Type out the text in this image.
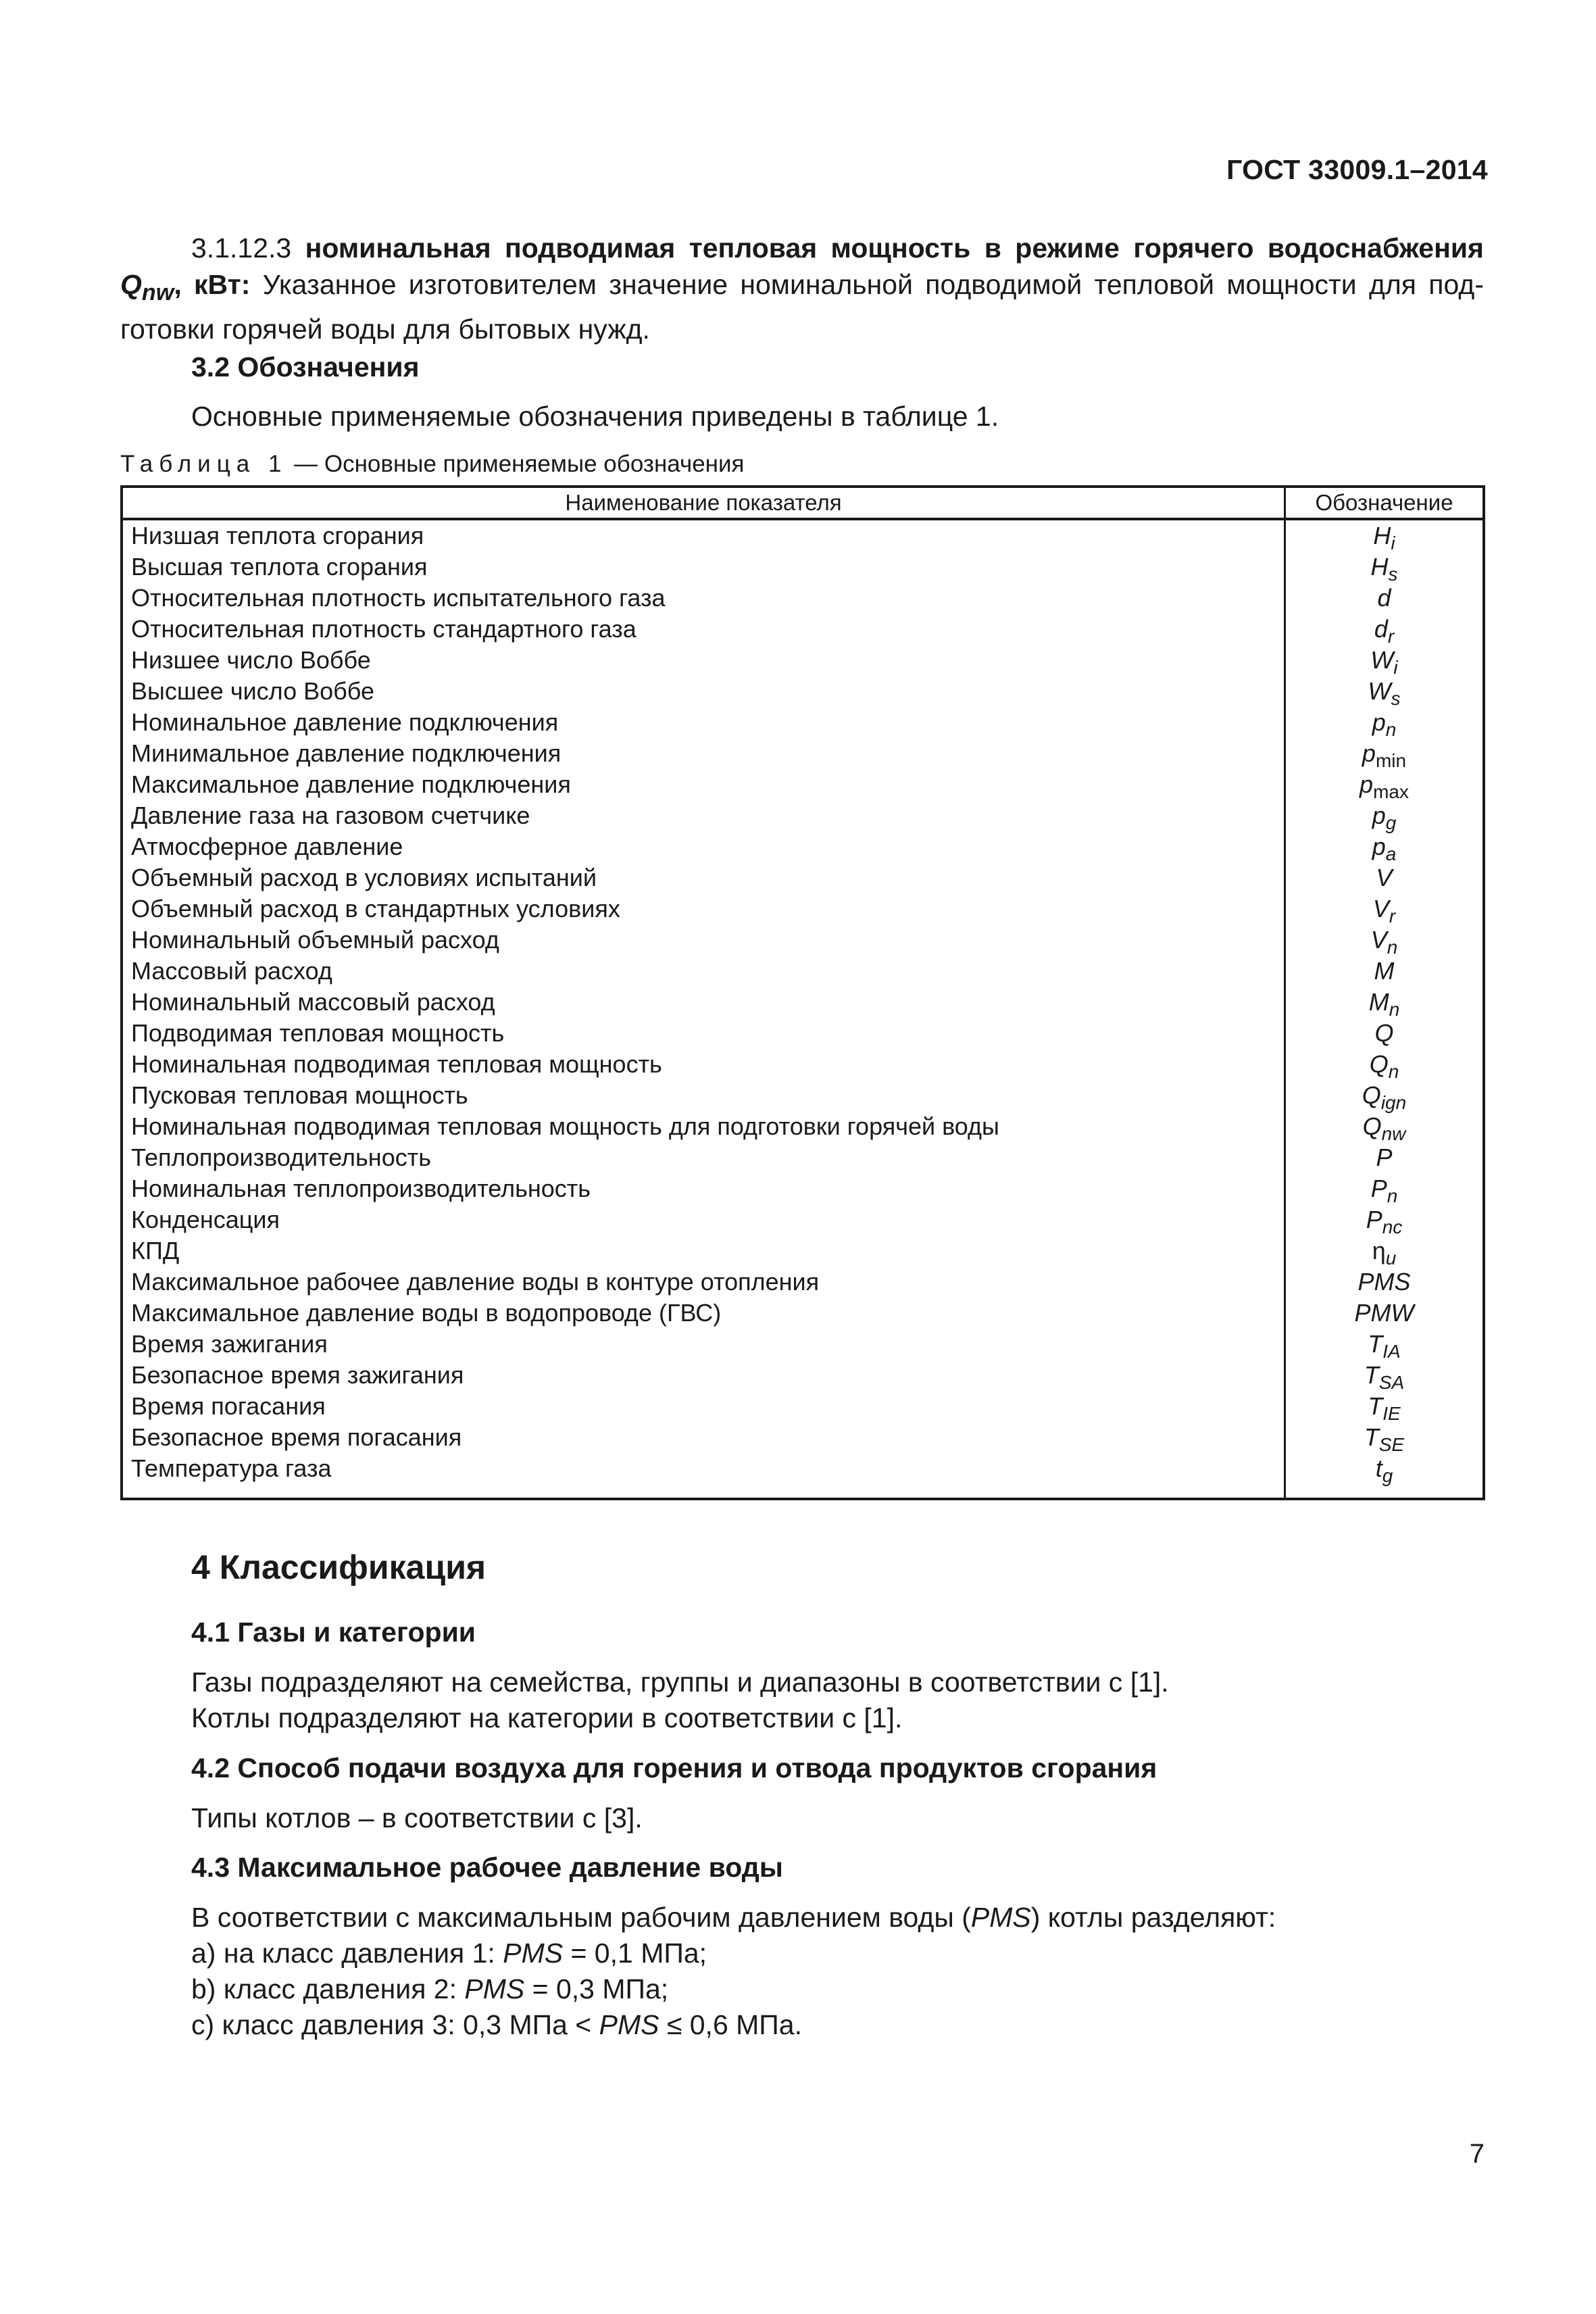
ГОСТ 33009.1–2014

3.1.12.3 номинальная подводимая тепловая мощность в режиме горячего водоснабжения $Q_{nw}$, кВт: Указанное изготовителем значение номинальной подводимой тепловой мощности для подготовки горячей воды для бытовых нужд.

3.2 Обозначения
Основные применяемые обозначения приведены в таблице 1.
Таблица 1 — Основные применяемые обозначения
Наименование показателя	Обозначение
Низшая теплота сгорания	$H_i$
Высшая теплота сгорания	$H_s$
Относительная плотность испытательного газа	d
Относительная плотность стандартного газа	$d_r$
Низшее число Воббе	$W_i$
Высшее число Воббе	$W_s$
Номинальное давление подключения	$p_n$
Минимальное давление подключения	$p_{min}$
Максимальное давление подключения	$p_{max}$
Давление газа на газовом счетчике	$p_g$
Атмосферное давление	$p_a$
Объемный расход в условиях испытаний	V
Объемный расход в стандартных условиях	$V_r$
Номинальный объемный расход	$V_n$
Массовый расход	M
Номинальный массовый расход	$M_n$
Подводимая тепловая мощность	Q
Номинальная подводимая тепловая мощность	$Q_n$
Пусковая тепловая мощность	$Q_{ign}$
Номинальная подводимая тепловая мощность для подготовки горячей воды	$Q_{nw}$
Теплопроизводительность	P
Номинальная теплопроизводительность	$P_n$
Конденсация	$P_{nc}$
КПД	$\eta_u$
Максимальное рабочее давление воды в контуре отопления	PMS
Максимальное давление воды в водопроводе (ГВС)	PMW
Время зажигания	$T_{IA}$
Безопасное время зажигания	$T_{SA}$
Время погасания	$T_{IE}$
Безопасное время погасания	$T_{SE}$
Температура газа	$t_g$
4 Классификация
4.1 Газы и категории
Газы подразделяют на семейства, группы и диапазоны в соответствии с [1].
Котлы подразделяют на категории в соответствии с [1].
4.2 Способ подачи воздуха для горения и отвода продуктов сгорания
Типы котлов – в соответствии с [3].
4.3 Максимальное рабочее давление воды
В соответствии с максимальным рабочим давлением воды (PMS) котлы разделяют:
а) на класс давления 1: PMS = 0,1 МПа;
b) класс давления 2: PMS = 0,3 МПа;
c) класс давления 3: 0,3 МПа < PMS ≤ 0,6 МПа.
7
